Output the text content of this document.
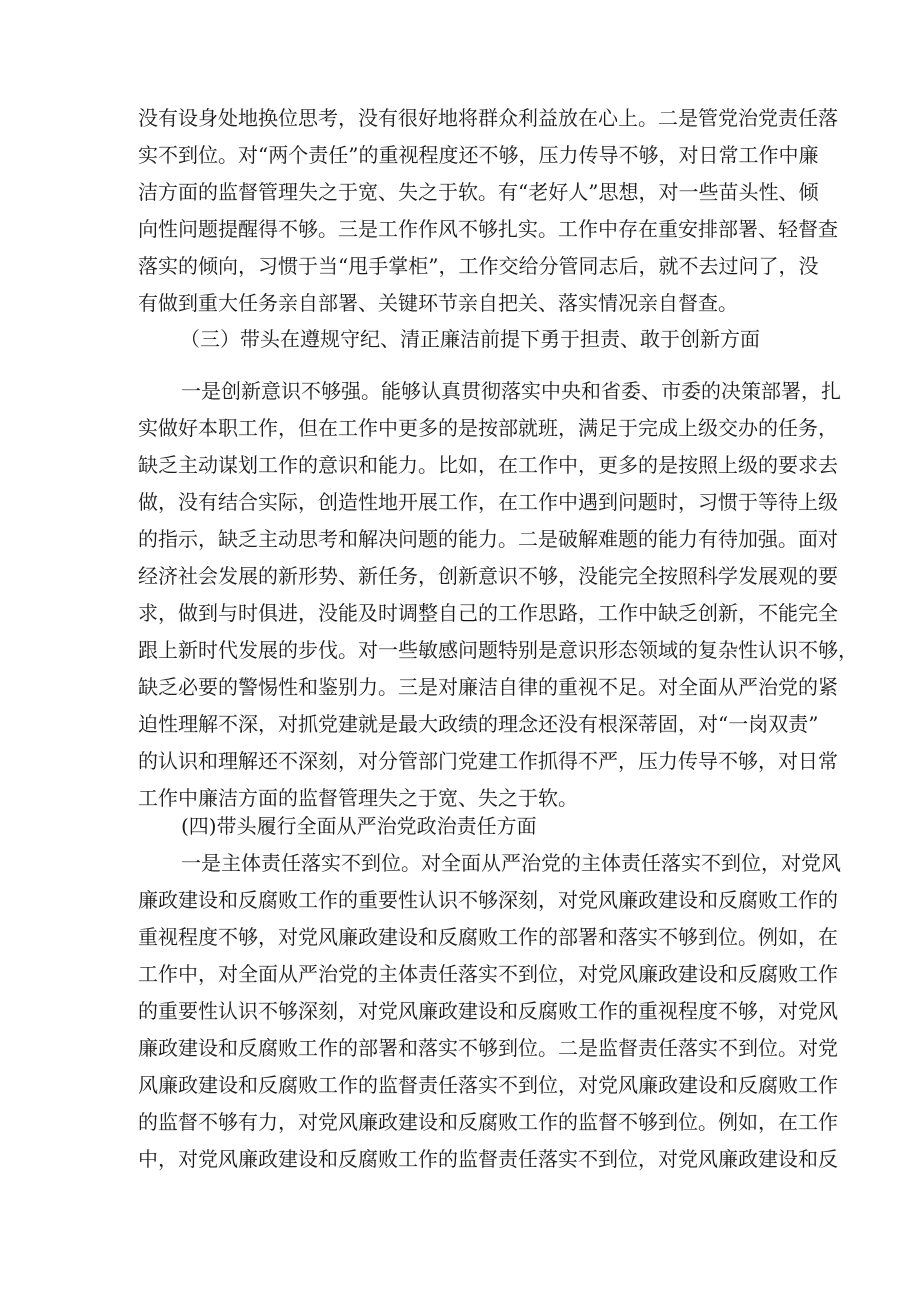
没有设身处地换位思考，没有很好地将群众利益放在心上。二是管党治党责任落
实不到位。对“两个责任”的重视程度还不够，压力传导不够，对日常工作中廉
洁方面的监督管理失之于宽、失之于软。有“老好人”思想，对一些苗头性、倾
向性问题提醒得不够。三是工作作风不够扎实。工作中存在重安排部署、轻督查
落实的倾向，习惯于当“甩手掌柜”，工作交给分管同志后，就不去过问了，没
有做到重大任务亲自部署、关键环节亲自把关、落实情况亲自督查。
（三）带头在遵规守纪、清正廉洁前提下勇于担责、敢于创新方面
一是创新意识不够强。能够认真贯彻落实中央和省委、市委的决策部署，扎
实做好本职工作，但在工作中更多的是按部就班，满足于完成上级交办的任务，
缺乏主动谋划工作的意识和能力。比如，在工作中，更多的是按照上级的要求去
做，没有结合实际，创造性地开展工作，在工作中遇到问题时，习惯于等待上级
的指示，缺乏主动思考和解决问题的能力。二是破解难题的能力有待加强。面对
经济社会发展的新形势、新任务，创新意识不够，没能完全按照科学发展观的要
求，做到与时俱进，没能及时调整自己的工作思路，工作中缺乏创新，不能完全
跟上新时代发展的步伐。对一些敏感问题特别是意识形态领域的复杂性认识不够，
缺乏必要的警惕性和鉴别力。三是对廉洁自律的重视不足。对全面从严治党的紧
迫性理解不深，对抓党建就是最大政绩的理念还没有根深蒂固，对“一岗双责”
的认识和理解还不深刻，对分管部门党建工作抓得不严，压力传导不够，对日常
工作中廉洁方面的监督管理失之于宽、失之于软。
(四)带头履行全面从严治党政治责任方面
一是主体责任落实不到位。对全面从严治党的主体责任落实不到位，对党风
廉政建设和反腐败工作的重要性认识不够深刻，对党风廉政建设和反腐败工作的
重视程度不够，对党风廉政建设和反腐败工作的部署和落实不够到位。例如，在
工作中，对全面从严治党的主体责任落实不到位，对党风廉政建设和反腐败工作
的重要性认识不够深刻，对党风廉政建设和反腐败工作的重视程度不够，对党风
廉政建设和反腐败工作的部署和落实不够到位。二是监督责任落实不到位。对党
风廉政建设和反腐败工作的监督责任落实不到位，对党风廉政建设和反腐败工作
的监督不够有力，对党风廉政建设和反腐败工作的监督不够到位。例如，在工作
中，对党风廉政建设和反腐败工作的监督责任落实不到位，对党风廉政建设和反
